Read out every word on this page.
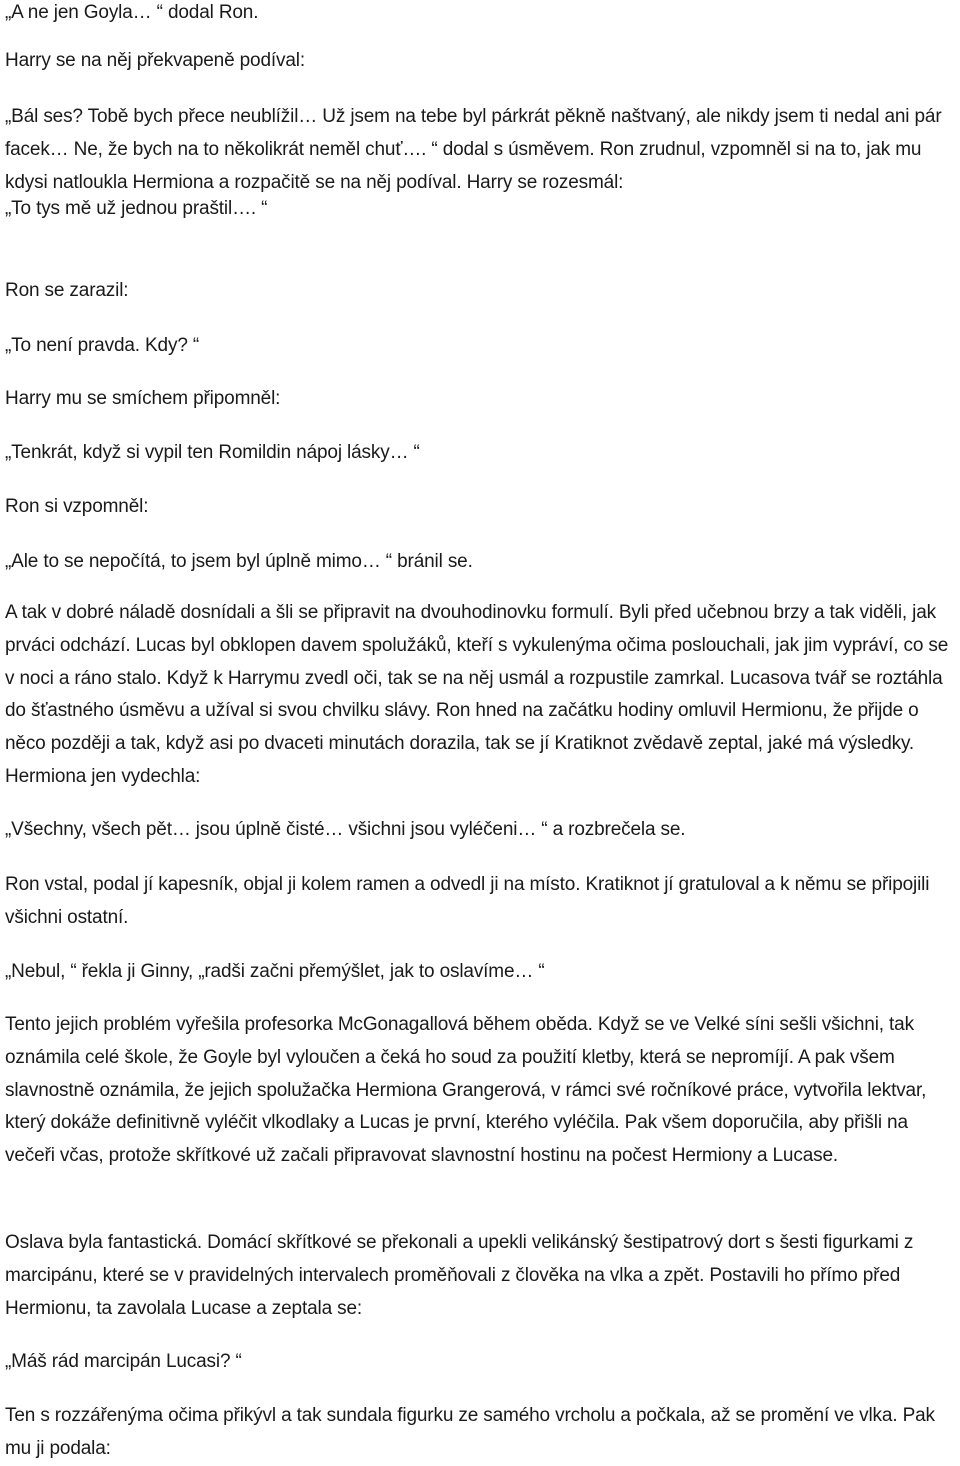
„A ne jen Goyla… “ dodal Ron.

Harry se na něj překvapeně podíval:

„Bál ses? Tobě bych přece neublížil… Už jsem na tebe byl párkrát pěkně naštvaný, ale nikdy jsem ti nedal ani pár facek… Ne, že bych na to několikrát neměl chuť…. “ dodal s úsměvem. Ron zrudnul, vzpomněl si na to, jak mu kdysi natloukla Hermiona a rozpačitě se na něj podíval. Harry se rozesmál:

„To tys mě už jednou praštil…. “

Ron se zarazil:

„To není pravda. Kdy? “

Harry mu se smíchem připomněl:

„Tenkrát, když si vypil ten Romildin nápoj lásky… “

Ron si vzpomněl:

„Ale to se nepočítá, to jsem byl úplně mimo… “ bránil se.

A tak v dobré náladě dosnídali a šli se připravit na dvouhodinovku formulí. Byli před učebnou brzy a tak viděli, jak prváci odchází. Lucas byl obklopen davem spolužáků, kteří s vykulenýma očima poslouchali, jak jim vypráví, co se v noci a ráno stalo. Když k Harrymu zvedl oči, tak se na něj usmál a rozpustile zamrkal. Lucasova tvář se roztáhla do šťastného úsměvu a užíval si svou chvilku slávy. Ron hned na začátku hodiny omluvil Hermionu, že přijde o něco později a tak, když asi po dvaceti minutách dorazila, tak se jí Kratiknot zvědavě zeptal, jaké má výsledky. Hermiona jen vydechla:

„Všechny, všech pět… jsou úplně čisté… všichni jsou vyléčeni… “ a rozbrečela se.

Ron vstal, podal jí kapesník, objal ji kolem ramen a odvedl ji na místo. Kratiknot jí gratuloval a k němu se připojili všichni ostatní.

„Nebul, “ řekla ji Ginny, „radši začni přemýšlet, jak to oslavíme… “

Tento jejich problém vyřešila profesorka McGonagallová během oběda. Když se ve Velké síni sešli všichni, tak oznámila celé škole, že Goyle byl vyloučen a čeká ho soud za použití kletby, která se nepromíjí. A pak všem slavnostně oznámila, že jejich spolužačka Hermiona Grangerová, v rámci své ročníkové práce, vytvořila lektvar, který dokáže definitivně vyléčit vlkodlaky a Lucas je první, kterého vyléčila. Pak všem doporučila, aby přišli na večeři včas, protože skřítkové už začali připravovat slavnostní hostinu na počest Hermiony a Lucase.

Oslava byla fantastická. Domácí skřítkové se překonali a upekli velikánský šestipatrový dort s šesti figurkami z marcipánu, které se v pravidelných intervalech proměňovali z člověka na vlka a zpět. Postavili ho přímo před Hermionu, ta zavolala Lucase a zeptala se:

„Máš rád marcipán Lucasi? “

Ten s rozzářenýma očima přikývl a tak sundala figurku ze samého vrcholu a počkala, až se promění ve vlka. Pak mu ji podala:
